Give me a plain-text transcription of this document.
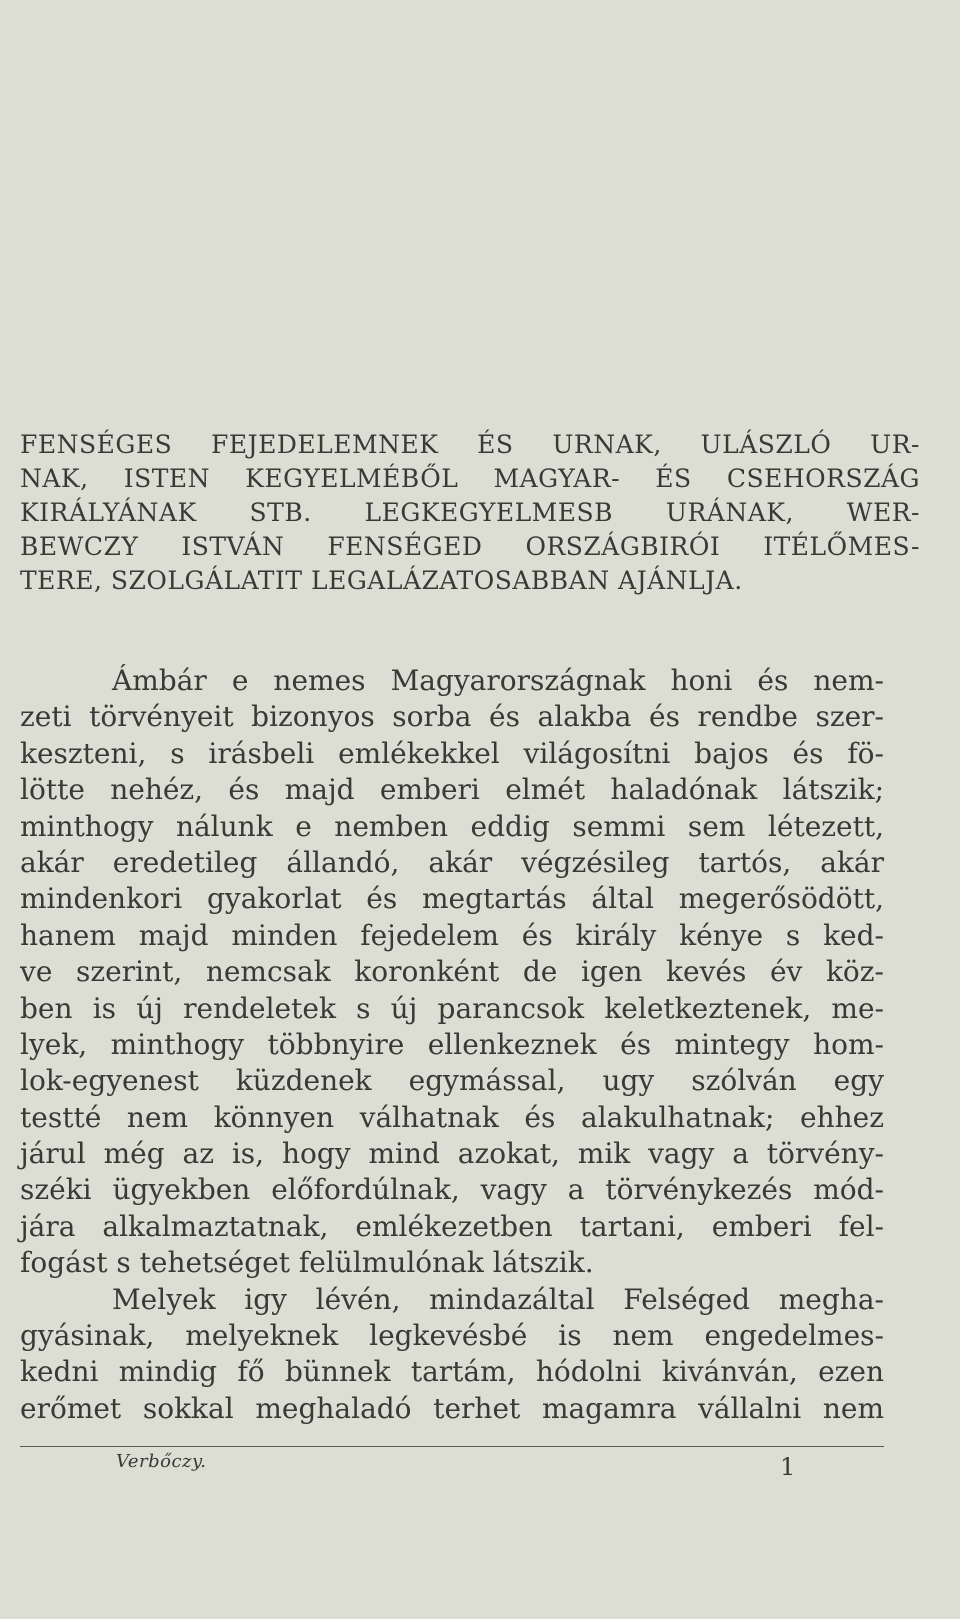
FENSÉGES FEJEDELEMNEK ÉS URNAK, ULÁSZLÓ UR-
NAK, ISTEN KEGYELMÉBŐL MAGYAR- ÉS CSEHORSZÁG
KIRÁLYÁNAK STB. LEGKEGYELMESB URÁNAK, WER-
BEWCZY ISTVÁN FENSÉGED ORSZÁGBIRÓI ITÉLŐMES-
TERE, SZOLGÁLATIT LEGALÁZATOSABBAN AJÁNLJA.
Ámbár e nemes Magyarországnak honi és nem-
zeti törvényeit bizonyos sorba és alakba és rendbe szer-
keszteni, s irásbeli emlékekkel világosítni bajos és fö-
lötte nehéz, és majd emberi elmét haladónak látszik;
minthogy nálunk e nemben eddig semmi sem létezett,
akár eredetileg állandó, akár végzésileg tartós, akár
mindenkori gyakorlat és megtartás által megerősödött,
hanem majd minden fejedelem és király kénye s ked-
ve szerint, nemcsak koronként de igen kevés év köz-
ben is új rendeletek s új parancsok keletkeztenek, me-
lyek, minthogy többnyire ellenkeznek és mintegy hom-
lok-egyenest küzdenek egymással, ugy szólván egy
testté nem könnyen válhatnak és alakulhatnak; ehhez
járul még az is, hogy mind azokat, mik vagy a törvény-
széki ügyekben előfordúlnak, vagy a törvénykezés mód-
jára alkalmaztatnak, emlékezetben tartani, emberi fel-
fogást s tehetséget felülmulónak látszik.
Melyek igy lévén, mindazáltal Felséged megha-
gyásinak, melyeknek legkevésbé is nem engedelmes-
kedni mindig fő bünnek tartám, hódolni kivánván, ezen
erőmet sokkal meghaladó terhet magamra vállalni nem
Verbőczy.	1
